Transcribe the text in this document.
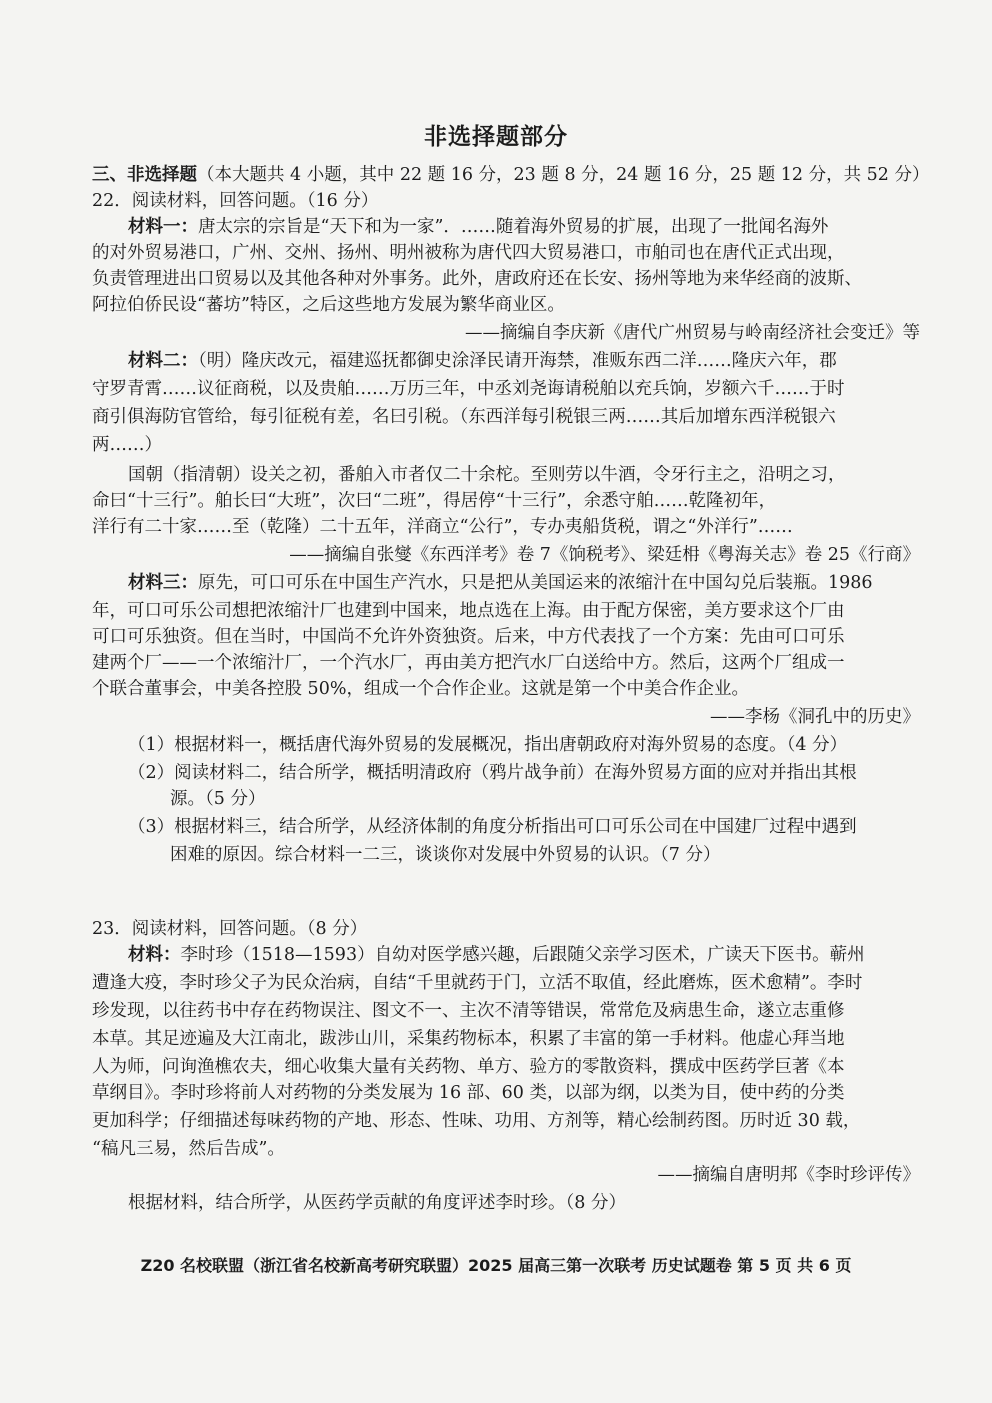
非选择题部分
三、非选择题（本大题共 4 小题，其中 22 题 16 分，23 题 8 分，24 题 16 分，25 题 12 分，共 52 分）
22．阅读材料，回答问题。（16 分）
材料一：唐太宗的宗旨是“天下和为一家”．……随着海外贸易的扩展，出现了一批闻名海外
的对外贸易港口，广州、交州、扬州、明州被称为唐代四大贸易港口，市舶司也在唐代正式出现，
负责管理进出口贸易以及其他各种对外事务。此外，唐政府还在长安、扬州等地为来华经商的波斯、
阿拉伯侨民设“蕃坊”特区，之后这些地方发展为繁华商业区。
——摘编自李庆新《唐代广州贸易与岭南经济社会变迁》等
材料二：（明）隆庆改元，福建巡抚都御史涂泽民请开海禁，准贩东西二洋……隆庆六年，郡
守罗青霄……议征商税，以及贵舶……万历三年，中丞刘尧诲请税舶以充兵饷，岁额六千……于时
商引俱海防官管给，每引征税有差，名曰引税。（东西洋每引税银三两……其后加增东西洋税银六
两……）
国朝（指清朝）设关之初，番舶入市者仅二十余柁。至则劳以牛酒，令牙行主之，沿明之习，
命曰“十三行”。舶长曰“大班”，次曰“二班”，得居停“十三行”，余悉守舶……乾隆初年，
洋行有二十家……至（乾隆）二十五年，洋商立“公行”，专办夷船货税，谓之“外洋行”……
——摘编自张燮《东西洋考》卷 7《饷税考》、梁廷枏《粤海关志》卷 25《行商》
材料三：原先，可口可乐在中国生产汽水，只是把从美国运来的浓缩汁在中国勾兑后装瓶。1986
年，可口可乐公司想把浓缩汁厂也建到中国来，地点选在上海。由于配方保密，美方要求这个厂由
可口可乐独资。但在当时，中国尚不允许外资独资。后来，中方代表找了一个方案：先由可口可乐
建两个厂——一个浓缩汁厂，一个汽水厂，再由美方把汽水厂白送给中方。然后，这两个厂组成一
个联合董事会，中美各控股 50%，组成一个合作企业。这就是第一个中美合作企业。
——李杨《洞孔中的历史》
（1）根据材料一，概括唐代海外贸易的发展概况，指出唐朝政府对海外贸易的态度。（4 分）
（2）阅读材料二，结合所学，概括明清政府（鸦片战争前）在海外贸易方面的应对并指出其根
源。（5 分）
（3）根据材料三，结合所学，从经济体制的角度分析指出可口可乐公司在中国建厂过程中遇到
困难的原因。综合材料一二三，谈谈你对发展中外贸易的认识。（7 分）
23．阅读材料，回答问题。（8 分）
材料：李时珍（1518—1593）自幼对医学感兴趣，后跟随父亲学习医术，广读天下医书。蕲州
遭逢大疫，李时珍父子为民众治病，自结“千里就药于门，立活不取值，经此磨炼，医术愈精”。李时
珍发现，以往药书中存在药物误注、图文不一、主次不清等错误，常常危及病患生命，遂立志重修
本草。其足迹遍及大江南北，跋涉山川，采集药物标本，积累了丰富的第一手材料。他虚心拜当地
人为师，问询渔樵农夫，细心收集大量有关药物、单方、验方的零散资料，撰成中医药学巨著《本
草纲目》。李时珍将前人对药物的分类发展为 16 部、60 类，以部为纲，以类为目，使中药的分类
更加科学；仔细描述每味药物的产地、形态、性味、功用、方剂等，精心绘制药图。历时近 30 载，
“稿凡三易，然后告成”。
——摘编自唐明邦《李时珍评传》
根据材料，结合所学，从医药学贡献的角度评述李时珍。（8 分）
Z20 名校联盟（浙江省名校新高考研究联盟）2025 届高三第一次联考 历史试题卷 第 5 页 共 6 页
